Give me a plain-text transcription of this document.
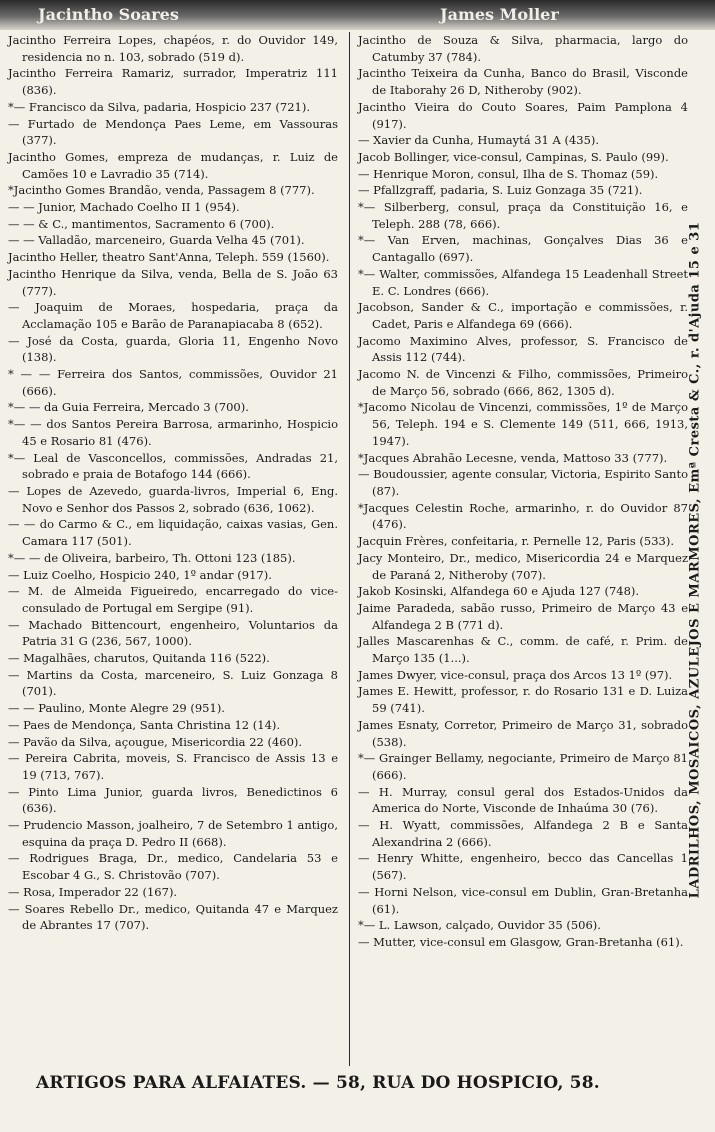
Jacintho Soares	James Moller

Jacintho Ferreira Lopes, chapéos, r. do Ouvidor 149, residencia no n. 103, sobrado (519 d).

Jacintho Ferreira Ramariz, surrador, Imperatriz 111 (836).

*— Francisco da Silva, padaria, Hospicio 237 (721).

— Furtado de Mendonça Paes Leme, em Vassouras (377).

Jacintho Gomes, empreza de mudanças, r. Luiz de Camões 10 e Lavradio 35 (714).

*Jacintho Gomes Brandão, venda, Passagem 8 (777).

— — Junior, Machado Coelho II 1 (954).

— — & C., mantimentos, Sacramento 6 (700).

— — Valladão, marceneiro, Guarda Velha 45 (701).

Jacintho Heller, theatro Sant'Anna, Teleph. 559 (1560).

Jacintho Henrique da Silva, venda, Bella de S. João 63 (777).

— Joaquim de Moraes, hospedaria, praça da Acclamação 105 e Barão de Paranapiacaba 8 (652).

— José da Costa, guarda, Gloria 11, Engenho Novo (138).

* — — Ferreira dos Santos, commissões, Ouvidor 21 (666).

*— — da Guia Ferreira, Mercado 3 (700).

*— — dos Santos Pereira Barrosa, armarinho, Hospicio 45 e Rosario 81 (476).

*— Leal de Vasconcellos, commissões, Andradas 21, sobrado e praia de Botafogo 144 (666).

— Lopes de Azevedo, guarda-livros, Imperial 6, Eng. Novo e Senhor dos Passos 2, sobrado (636, 1062).

— — do Carmo & C., em liquidação, caixas vasias, Gen. Camara 117 (501).

*— — de Oliveira, barbeiro, Th. Ottoni 123 (185).

— Luiz Coelho, Hospicio 240, 1º andar (917).

— M. de Almeida Figueiredo, encarregado do vice-consulado de Portugal em Sergipe (91).

— Machado Bittencourt, engenheiro, Voluntarios da Patria 31 G (236, 567, 1000).

— Magalhães, charutos, Quitanda 116 (522).

— Martins da Costa, marceneiro, S. Luiz Gonzaga 8 (701).

— — Paulino, Monte Alegre 29 (951).

— Paes de Mendonça, Santa Christina 12 (14).

— Pavão da Silva, açougue, Misericordia 22 (460).

— Pereira Cabrita, moveis, S. Francisco de Assis 13 e 19 (713, 767).

— Pinto Lima Junior, guarda livros, Benedictinos 6 (636).

— Prudencio Masson, joalheiro, 7 de Setembro 1 antigo, esquina da praça D. Pedro II (668).

— Rodrigues Braga, Dr., medico, Candelaria 53 e Escobar 4 G., S. Christovão (707).

— Rosa, Imperador 22 (167).

— Soares Rebello Dr., medico, Quitanda 47 e Marquez de Abrantes 17 (707).

Jacintho de Souza & Silva, pharmacia, largo do Catumby 37 (784).

Jacintho Teixeira da Cunha, Banco do Brasil, Visconde de Itaborahy 26 D, Nitheroby (902).

Jacintho Vieira do Couto Soares, Paim Pamplona 4 (917).

— Xavier da Cunha, Humaytá 31 A (435).

Jacob Bollinger, vice-consul, Campinas, S. Paulo (99).

— Henrique Moron, consul, Ilha de S. Thomaz (59).

— Pfallzgraff, padaria, S. Luiz Gonzaga 35 (721).

*— Silberberg, consul, praça da Constituição 16, e Teleph. 288 (78, 666).

*— Van Erven, machinas, Gonçalves Dias 36 e Cantagallo (697).

*— Walter, commissões, Alfandega 15 Leadenhall Street E. C. Londres (666).

Jacobson, Sander & C., importação e commissões, r. Cadet, Paris e Alfandega 69 (666).

Jacomo Maximino Alves, professor, S. Francisco de Assis 112 (744).

Jacomo N. de Vincenzi & Filho, commissões, Primeiro de Março 56, sobrado (666, 862, 1305 d).

*Jacomo Nicolau de Vincenzi, commissões, 1º de Março 56, Teleph. 194 e S. Clemente 149 (511, 666, 1913, 1947).

*Jacques Abrahão Lecesne, venda, Mattoso 33 (777).

— Boudoussier, agente consular, Victoria, Espirito Santo (87).

*Jacques Celestin Roche, armarinho, r. do Ouvidor 87 (476).

Jacquin Frères, confeitaria, r. Pernelle 12, Paris (533).

Jacy Monteiro, Dr., medico, Misericordia 24 e Marquez de Paraná 2, Nitheroby (707).

Jakob Kosinski, Alfandega 60 e Ajuda 127 (748).

Jaime Paradeda, sabão russo, Primeiro de Março 43 e Alfandega 2 B (771 d).

Jalles Mascarenhas & C., comm. de café, r. Prim. de Março 135 (1...).

James Dwyer, vice-consul, praça dos Arcos 13 1º (97).

James E. Hewitt, professor, r. do Rosario 131 e D. Luiza 59 (741).

James Esnaty, Corretor, Primeiro de Março 31, sobrado (538).

*— Grainger Bellamy, negociante, Primeiro de Março 81 (666).

— H. Murray, consul geral dos Estados-Unidos da America do Norte, Visconde de Inhaúma 30 (76).

— H. Wyatt, commissões, Alfandega 2 B e Santa Alexandrina 2 (666).

— Henry Whitte, engenheiro, becco das Cancellas 1 (567).

— Horni Nelson, vice-consul em Dublin, Gran-Bretanha (61).

*— L. Lawson, calçado, Ouvidor 35 (506).

— Mutter, vice-consul em Glasgow, Gran-Bretanha (61).

LADRILHOS, MOSAICOS, AZULEJOS E MARMORES, Emª Cresta & C., r. d'Ajuda 15 e 31
ARTIGOS PARA ALFAIATES. — 58, RUA DO HOSPICIO, 58.
